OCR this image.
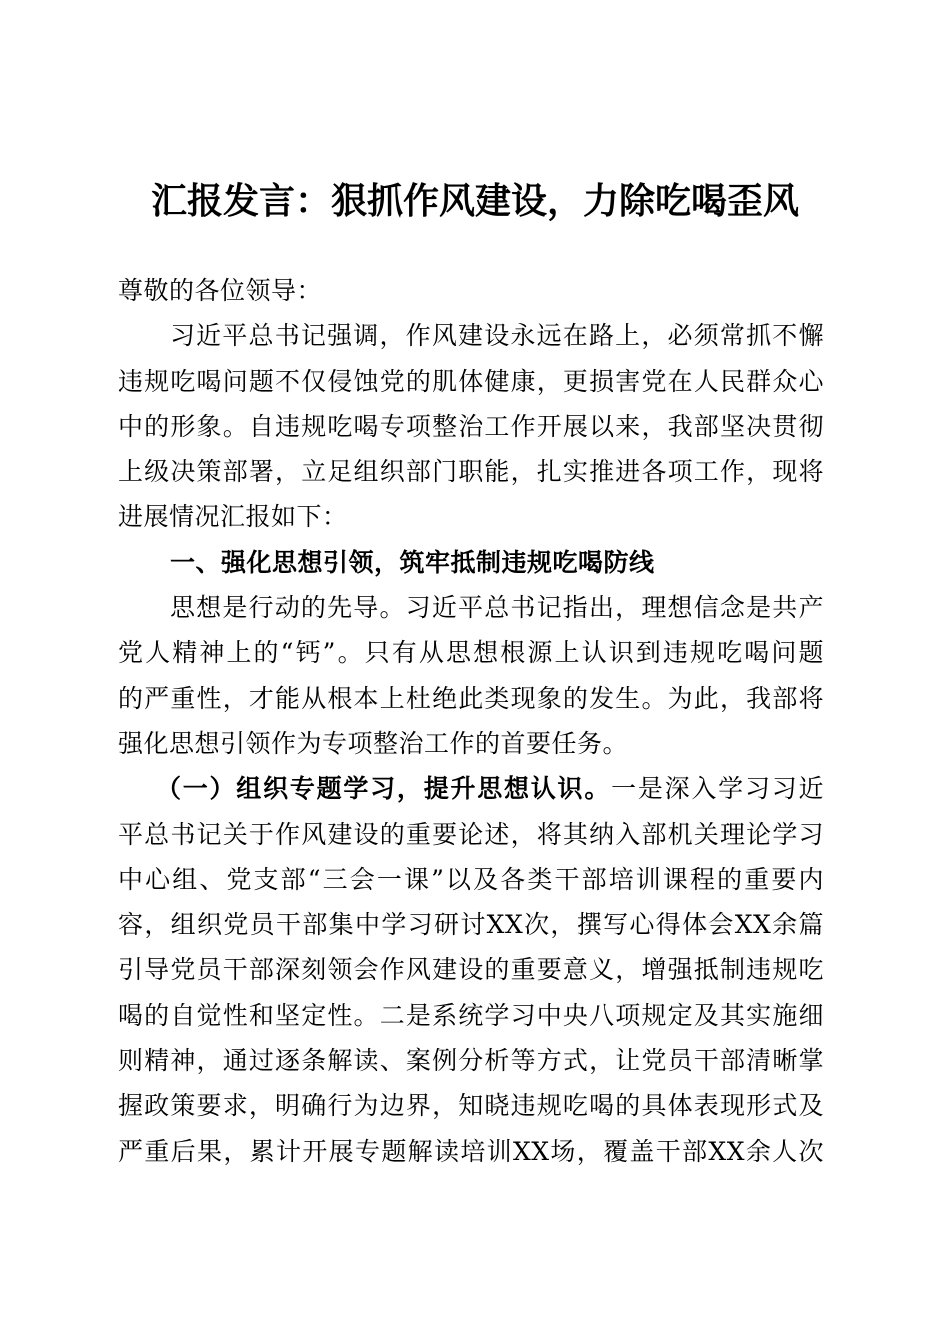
汇报发言：狠抓作风建设，力除吃喝歪风
尊敬的各位领导：
习近平总书记强调，作风建设永远在路上，必须常抓不懈
违规吃喝问题不仅侵蚀党的肌体健康，更损害党在人民群众心
中的形象。自违规吃喝专项整治工作开展以来，我部坚决贯彻
上级决策部署，立足组织部门职能，扎实推进各项工作，现将
进展情况汇报如下：
一、强化思想引领，筑牢抵制违规吃喝防线
思想是行动的先导。习近平总书记指出，理想信念是共产
党人精神上的“钙”。只有从思想根源上认识到违规吃喝问题
的严重性，才能从根本上杜绝此类现象的发生。为此，我部将
强化思想引领作为专项整治工作的首要任务。
（一）组织专题学习，提升思想认识。一是深入学习习近
平总书记关于作风建设的重要论述，将其纳入部机关理论学习
中心组、党支部“三会一课”以及各类干部培训课程的重要内
容，组织党员干部集中学习研讨XX次，撰写心得体会XX余篇
引导党员干部深刻领会作风建设的重要意义，增强抵制违规吃
喝的自觉性和坚定性。二是系统学习中央八项规定及其实施细
则精神，通过逐条解读、案例分析等方式，让党员干部清晰掌
握政策要求，明确行为边界，知晓违规吃喝的具体表现形式及
严重后果，累计开展专题解读培训XX场，覆盖干部XX余人次
